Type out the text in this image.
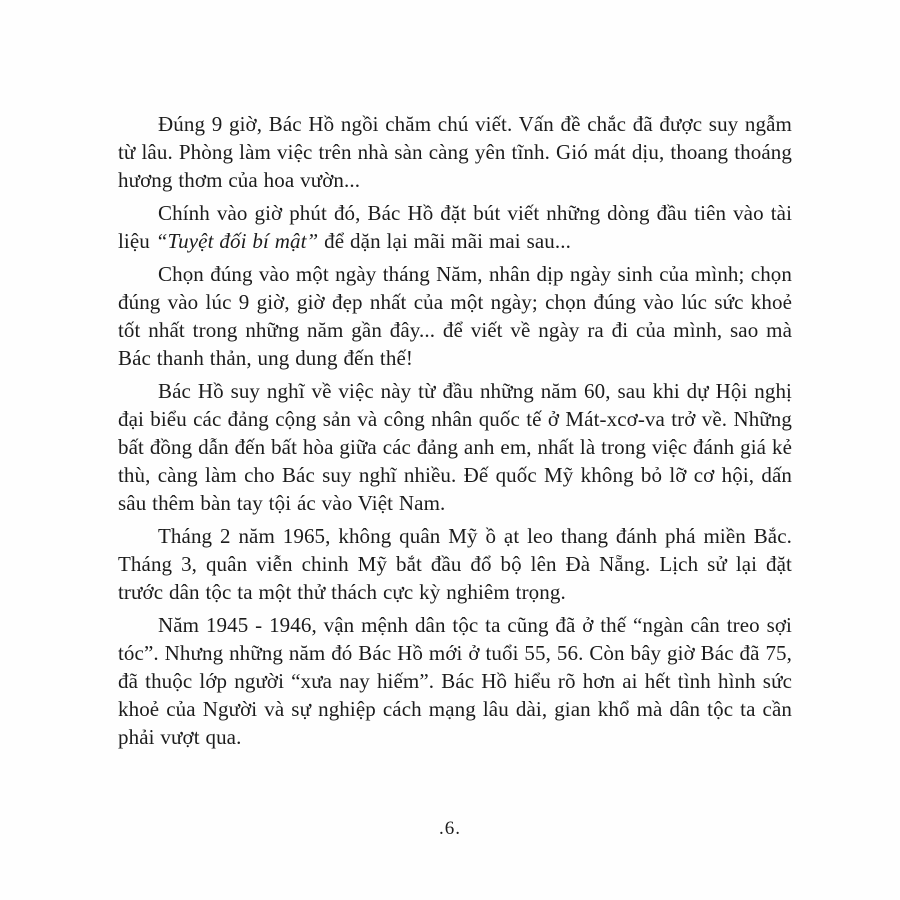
Đúng 9 giờ, Bác Hồ ngồi chăm chú viết. Vấn đề chắc đã được suy ngẫm từ lâu. Phòng làm việc trên nhà sàn càng yên tĩnh. Gió mát dịu, thoang thoáng hương thơm của hoa vườn...

Chính vào giờ phút đó, Bác Hồ đặt bút viết những dòng đầu tiên vào tài liệu “Tuyệt đối bí mật” để dặn lại mãi mãi mai sau...

Chọn đúng vào một ngày tháng Năm, nhân dịp ngày sinh của mình; chọn đúng vào lúc 9 giờ, giờ đẹp nhất của một ngày; chọn đúng vào lúc sức khoẻ tốt nhất trong những năm gần đây... để viết về ngày ra đi của mình, sao mà Bác thanh thản, ung dung đến thế!

Bác Hồ suy nghĩ về việc này từ đầu những năm 60, sau khi dự Hội nghị đại biểu các đảng cộng sản và công nhân quốc tế ở Mát-xcơ-va trở về. Những bất đồng dẫn đến bất hòa giữa các đảng anh em, nhất là trong việc đánh giá kẻ thù, càng làm cho Bác suy nghĩ nhiều. Đế quốc Mỹ không bỏ lỡ cơ hội, dấn sâu thêm bàn tay tội ác vào Việt Nam.

Tháng 2 năm 1965, không quân Mỹ ồ ạt leo thang đánh phá miền Bắc. Tháng 3, quân viễn chinh Mỹ bắt đầu đổ bộ lên Đà Nẵng. Lịch sử lại đặt trước dân tộc ta một thử thách cực kỳ nghiêm trọng.

Năm 1945 - 1946, vận mệnh dân tộc ta cũng đã ở thế “ngàn cân treo sợi tóc”. Nhưng những năm đó Bác Hồ mới ở tuổi 55, 56. Còn bây giờ Bác đã 75, đã thuộc lớp người “xưa nay hiếm”. Bác Hồ hiểu rõ hơn ai hết tình hình sức khoẻ của Người và sự nghiệp cách mạng lâu dài, gian khổ mà dân tộc ta cần phải vượt qua.

.6.
